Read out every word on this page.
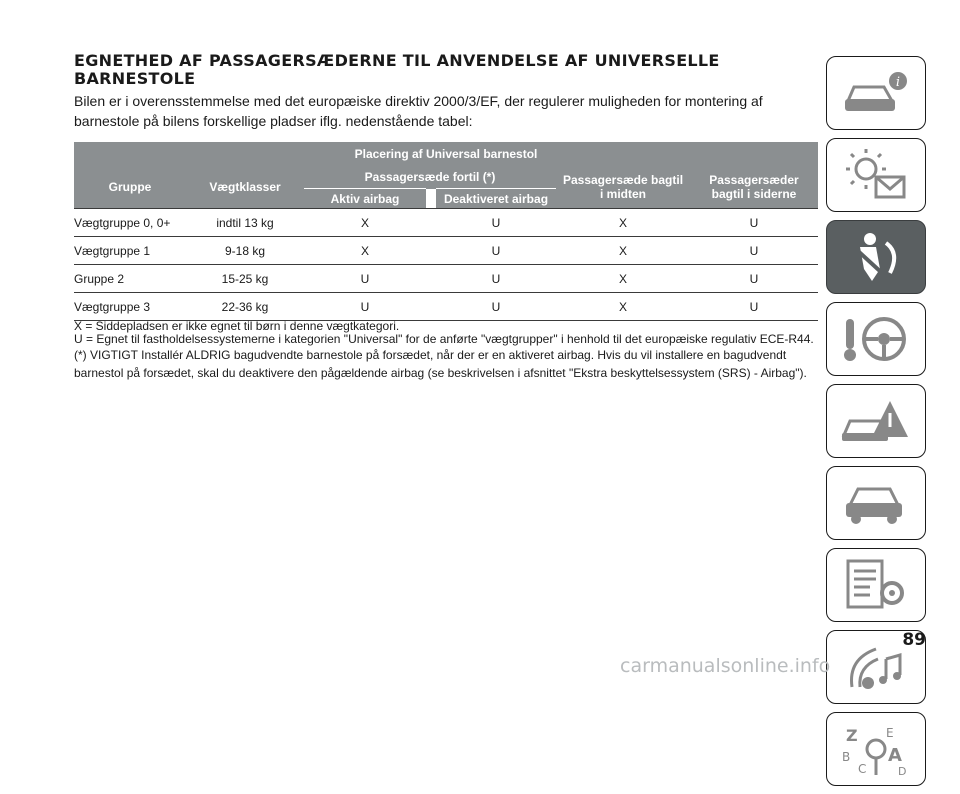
EGNETHED AF PASSAGERSÆDERNE TIL ANVENDELSE AF UNIVERSELLE BARNESTOLE

Bilen er i overensstemmelse med det europæiske direktiv 2000/3/EF, der regulerer muligheden for montering af barnestole på bilens forskellige pladser iflg. nedenstående tabel:

Placering af Universal barnestol						
Gruppe	Vægtklasser	Passagersæde fortil (*)			Passagersæde bagtil i midten	Passagersæder bagtil i siderne
		Aktiv airbag		Deaktiveret airbag		
Vægtgruppe 0, 0+	indtil 13 kg	X		U	X	U
Vægtgruppe 1	9-18 kg	X		U	X	U
Gruppe 2	15-25 kg	U		U	X	U
Vægtgruppe 3	22-36 kg	U		U	X	U

X = Siddepladsen er ikke egnet til børn i denne vægtkategori.

U = Egnet til fastholdelsessystemerne i kategorien "Universal" for de anførte "vægtgrupper" i henhold til det europæiske regulativ ECE-R44.

(*) VIGTIGT Installér ALDRIG bagudvendte barnestole på forsædet, når der er en aktiveret airbag. Hvis du vil installere en bagudvendt barnestol på forsædet, skal du deaktivere den pågældende airbag (se beskrivelsen i afsnittet "Ekstra beskyttelsessystem (SRS) - Airbag").

i
Z E
B A
C	D
89
carmanualsonline.info
